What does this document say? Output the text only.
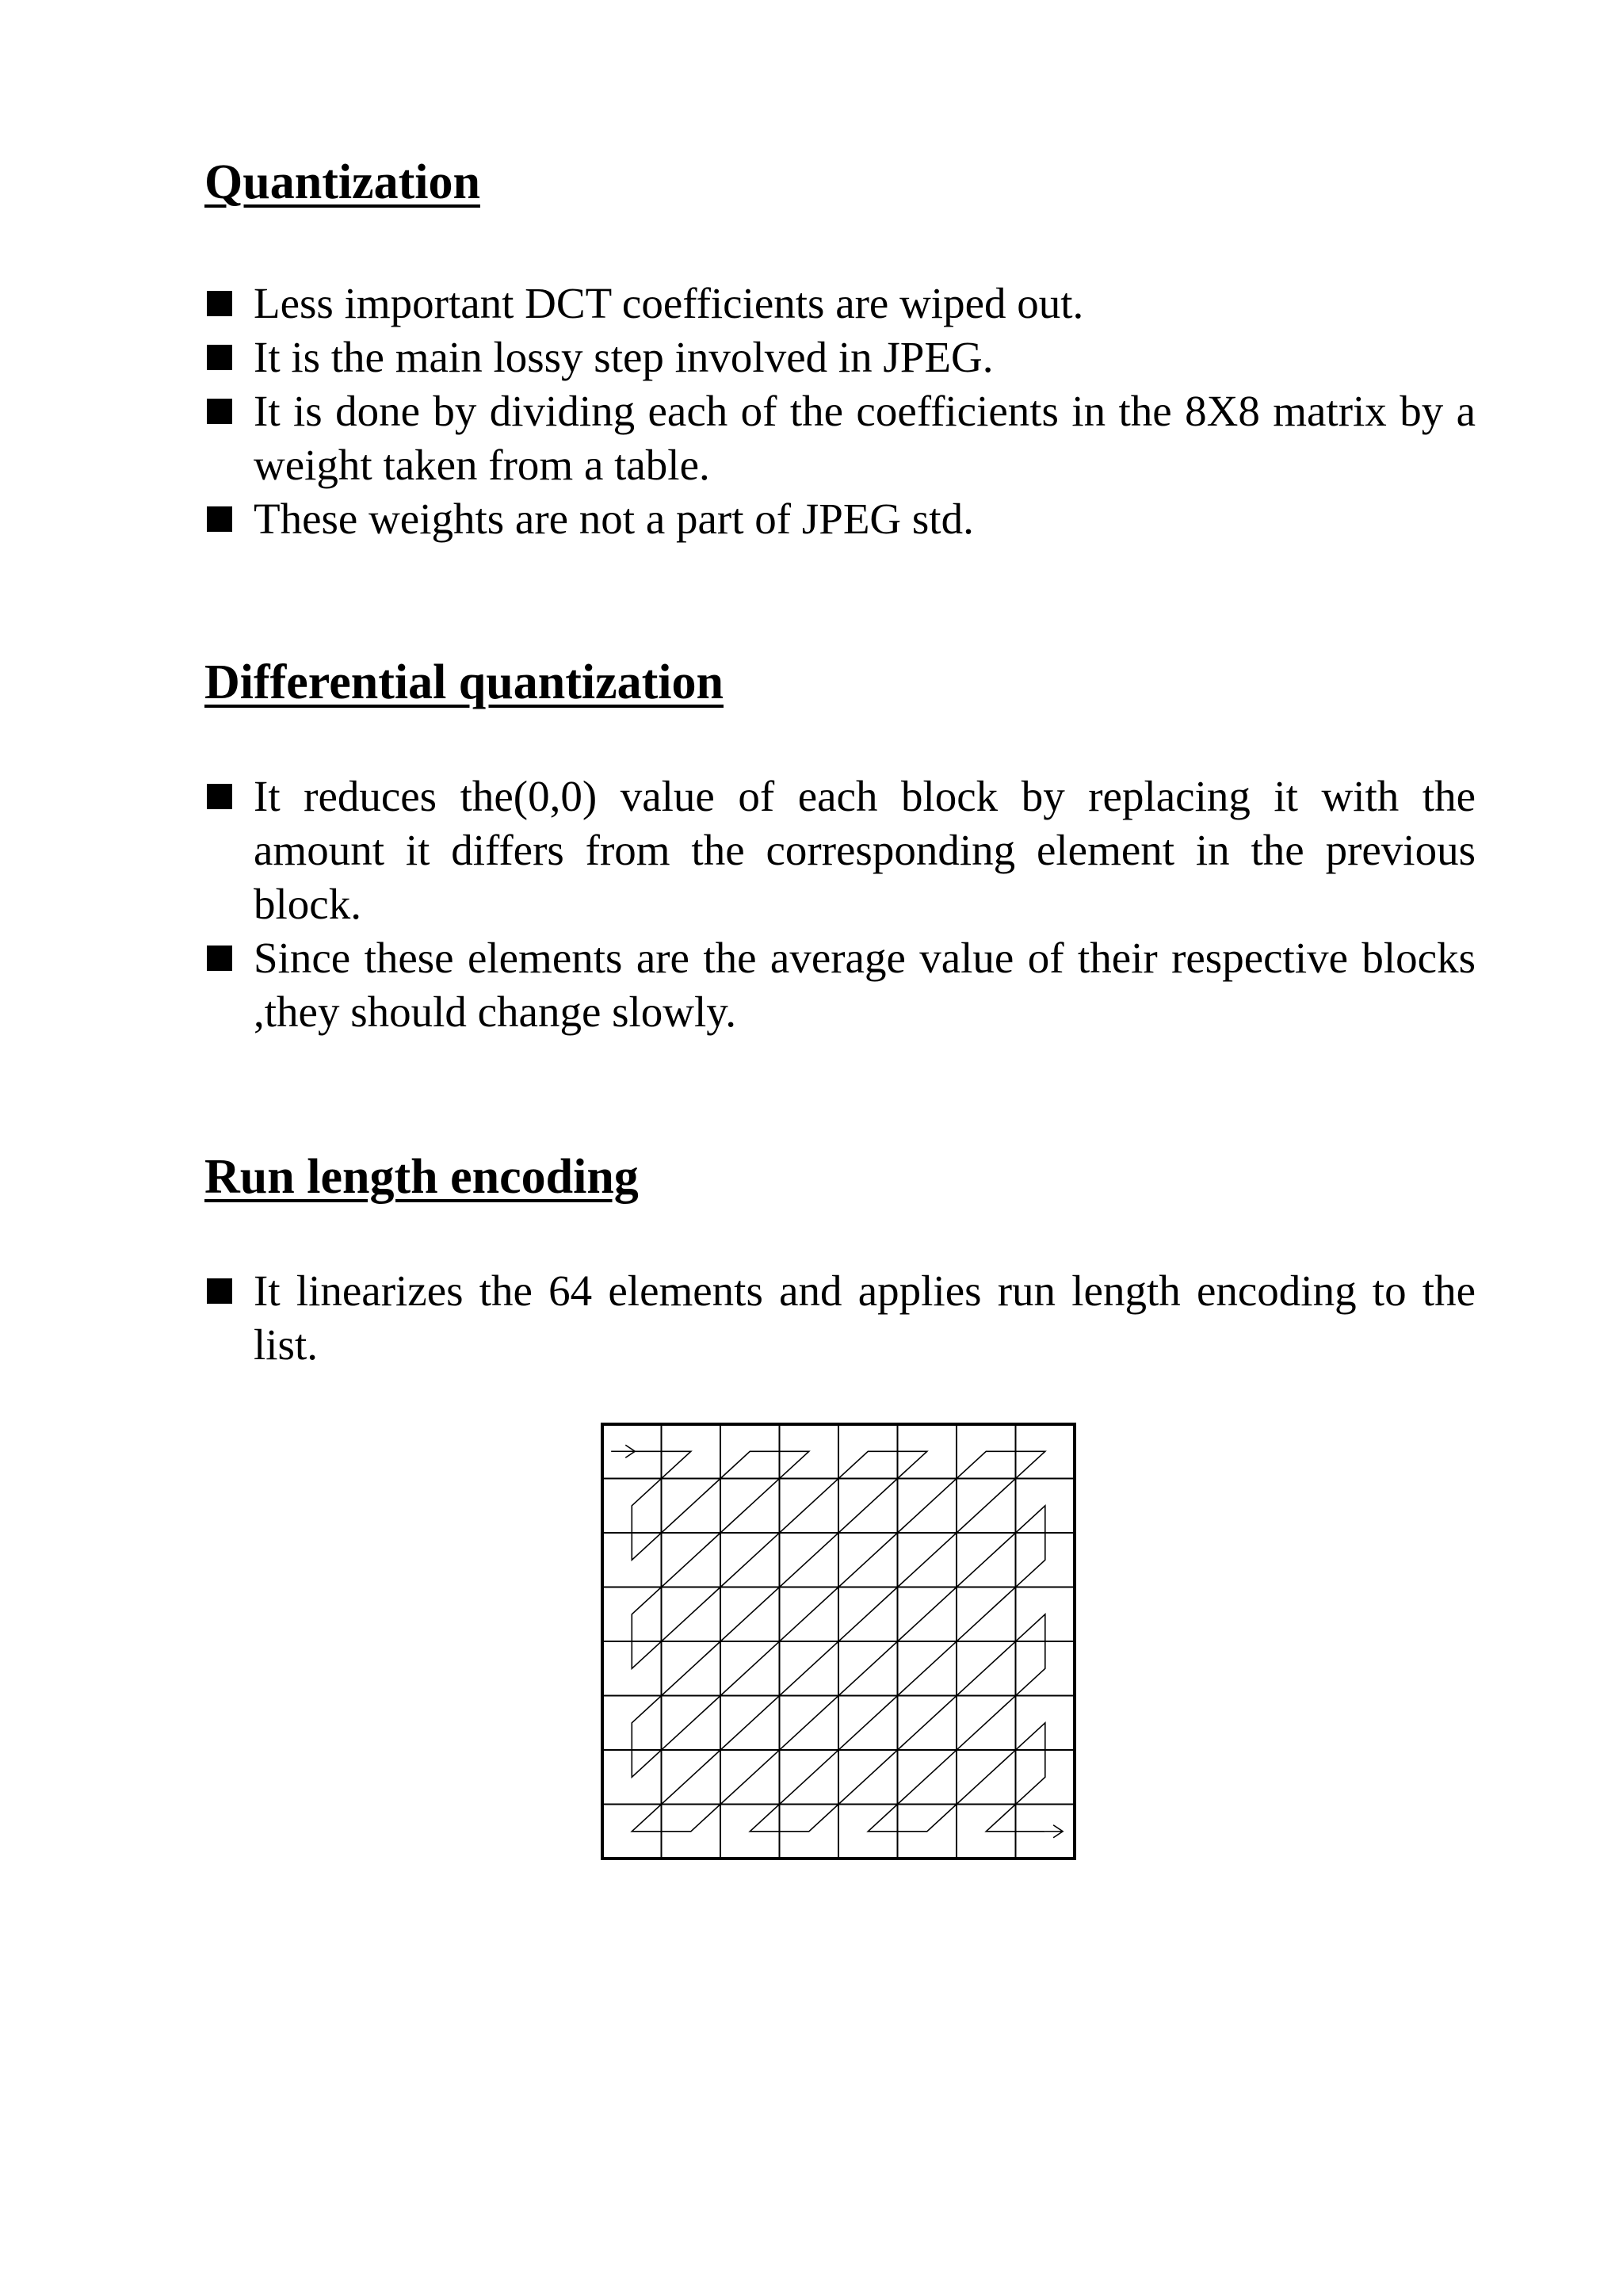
Quantization
Less important DCT coefficients are wiped out.
It is the main lossy step involved in JPEG.
It is done by dividing each of the coefficients in the 8X8 matrix by a weight taken from a table.
These weights are not a part of JPEG std.
Differential quantization
It reduces the(0,0) value of each block by replacing it with the amount it differs from the corresponding element in the previous block.
Since these elements are the average value of their respective blocks ,they should change slowly.
Run length encoding
It linearizes the 64 elements and applies run length encoding to the list.
